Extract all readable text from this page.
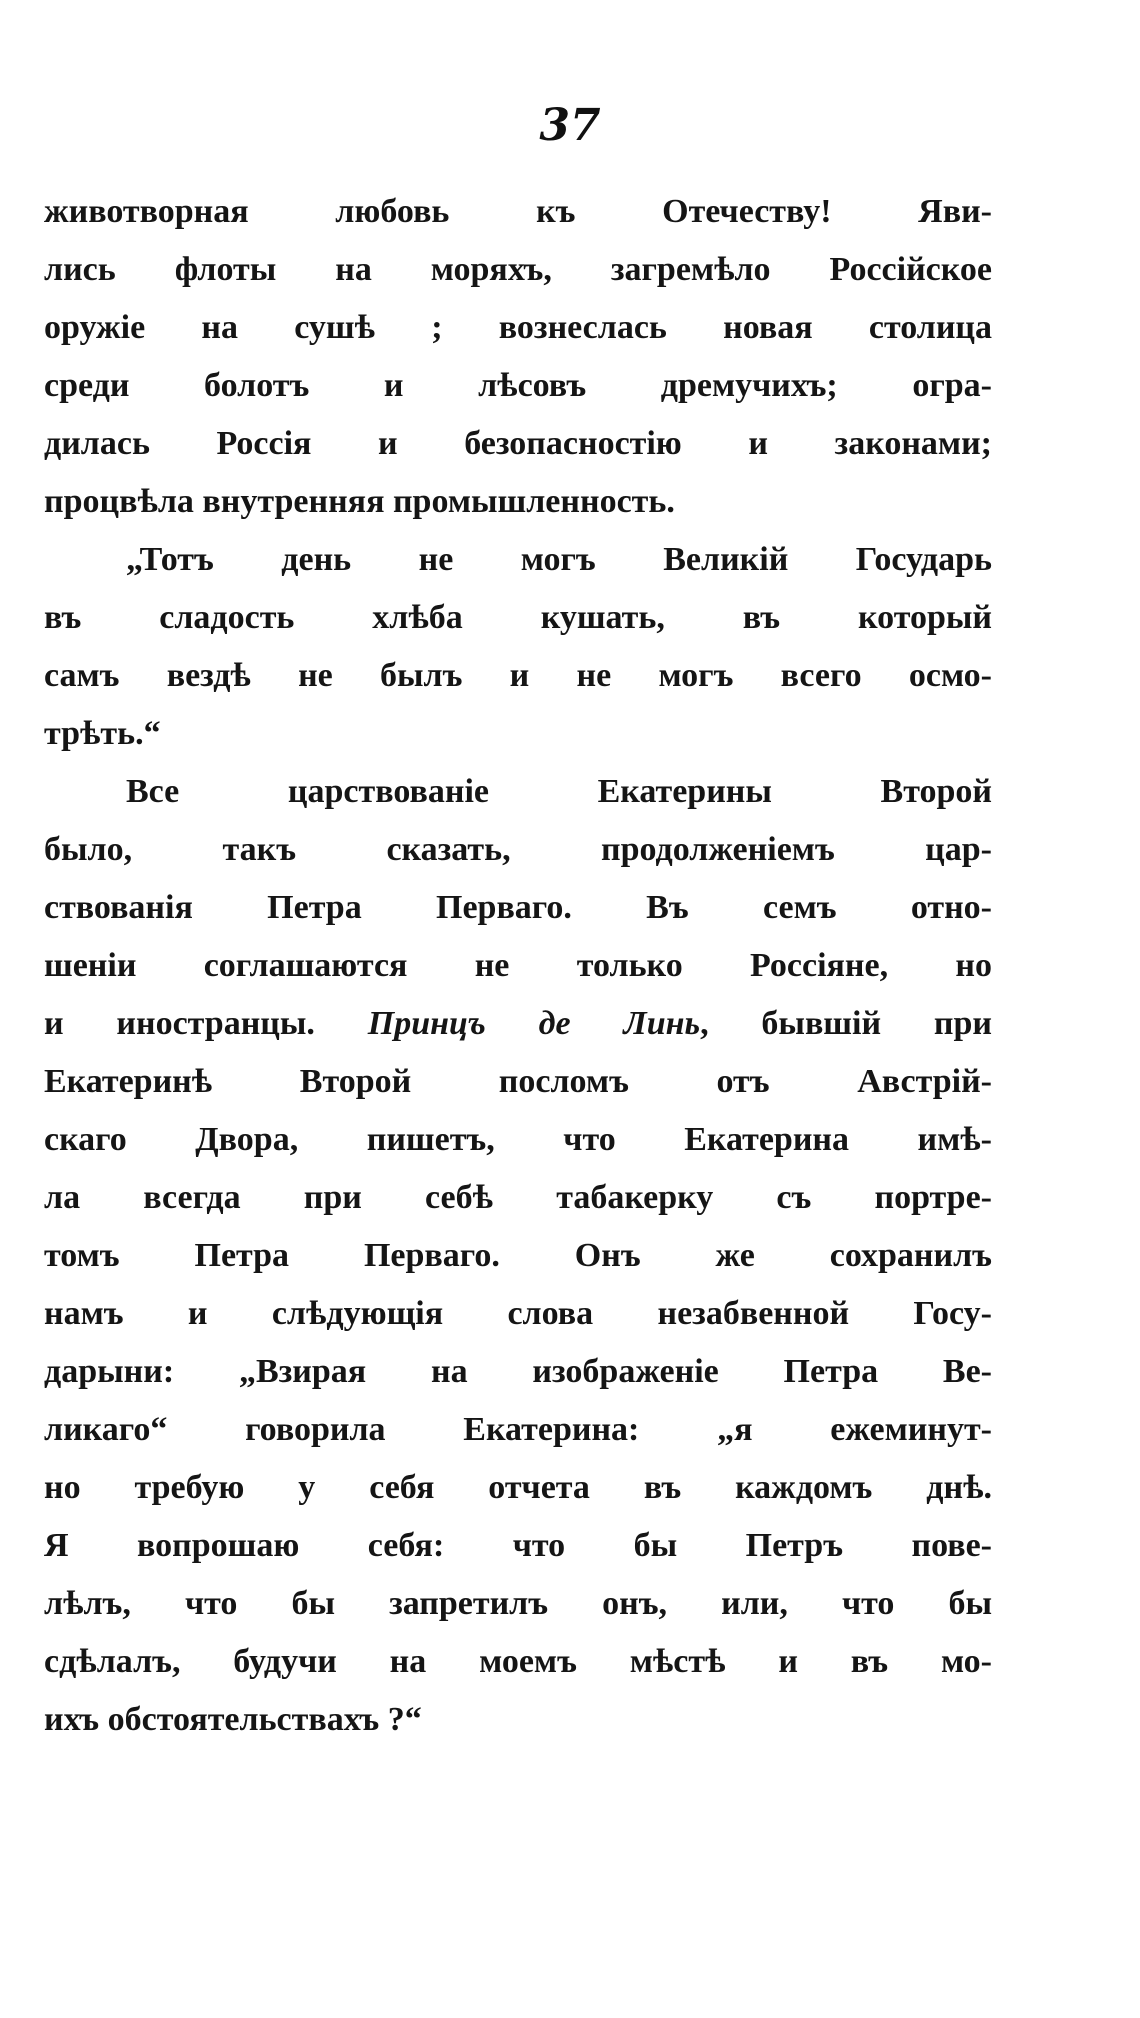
37
животворная любовь къ Отечеству! Яви-
лись флоты на моряхъ, загремѣло Россійское
оружіе на сушѣ ; вознеслась новая столица
среди болотъ и лѣсовъ дремучихъ; огра-
дилась Россія и безопасностію и законами;
процвѣла внутренняя промышленность.
„Тотъ день не могъ Великій Государь
въ сладость хлѣба кушать, въ который
самъ вездѣ не былъ и не могъ всего осмо-
трѣть.“
Все царствованіе Екатерины Второй
было, такъ сказать, продолженіемъ цар-
ствованія Петра Перваго. Въ семъ отно-
шеніи соглашаются не только Россіяне, но
и иностранцы. Принцъ де Линь, бывшій при
Екатеринѣ Второй посломъ отъ Австрій-
скаго Двора, пишетъ, что Екатерина имѣ-
ла всегда при себѣ табакерку съ портре-
томъ Петра Перваго. Онъ же сохранилъ
намъ и слѣдующія слова незабвенной Госу-
дарыни: „Взирая на изображеніе Петра Ве-
ликаго“ говорила Екатерина: „я ежеминут-
но требую у себя отчета въ каждомъ днѣ.
Я вопрошаю себя: что бы Петръ пове-
лѣлъ, что бы запретилъ онъ, или, что бы
сдѣлалъ, будучи на моемъ мѣстѣ и въ мо-
ихъ обстоятельствахъ ?“
